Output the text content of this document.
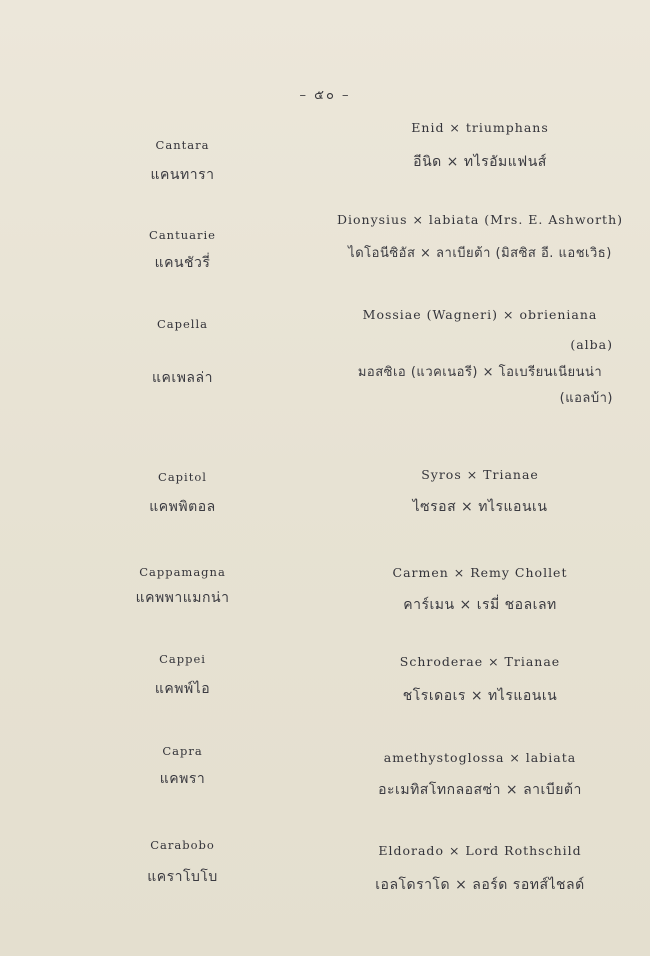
– ๕๐ –
Cantara
แคนทารา
Cantuarie
แคนชัวรี่
Capella
แคเพลล่า
Capitol
แคพพิตอล
Cappamagna
แคพพาแมกน่า
Cappei
แคพพ์ไอ
Capra
แคพรา
Carabobo
แคราโบโบ
Enid × triumphans
อีนิด × ทไรอัมแฟนส์
Dionysius × labiata (Mrs. E. Ashworth)
ไดโอนีซิอัส × ลาเบียต้า (มิสซิส อี. แอชเวิธ)
Mossiae (Wagneri) × obrieniana
(alba)
มอสซิเอ (แวคเนอรี) × โอเบรียนเนียนน่า
(แอลบ้า)
Syros × Trianae
ไซรอส × ทไรแอนเน
Carmen × Remy Chollet
คาร์เมน × เรมี่ ชอลเลท
Schroderae × Trianae
ชโรเดอเร × ทไรแอนเน
amethystoglossa × labiata
อะเมทิสโทกลอสซ่า × ลาเบียต้า
Eldorado × Lord Rothschild
เอลโดราโด × ลอร์ด รอทส์ไชลด์
